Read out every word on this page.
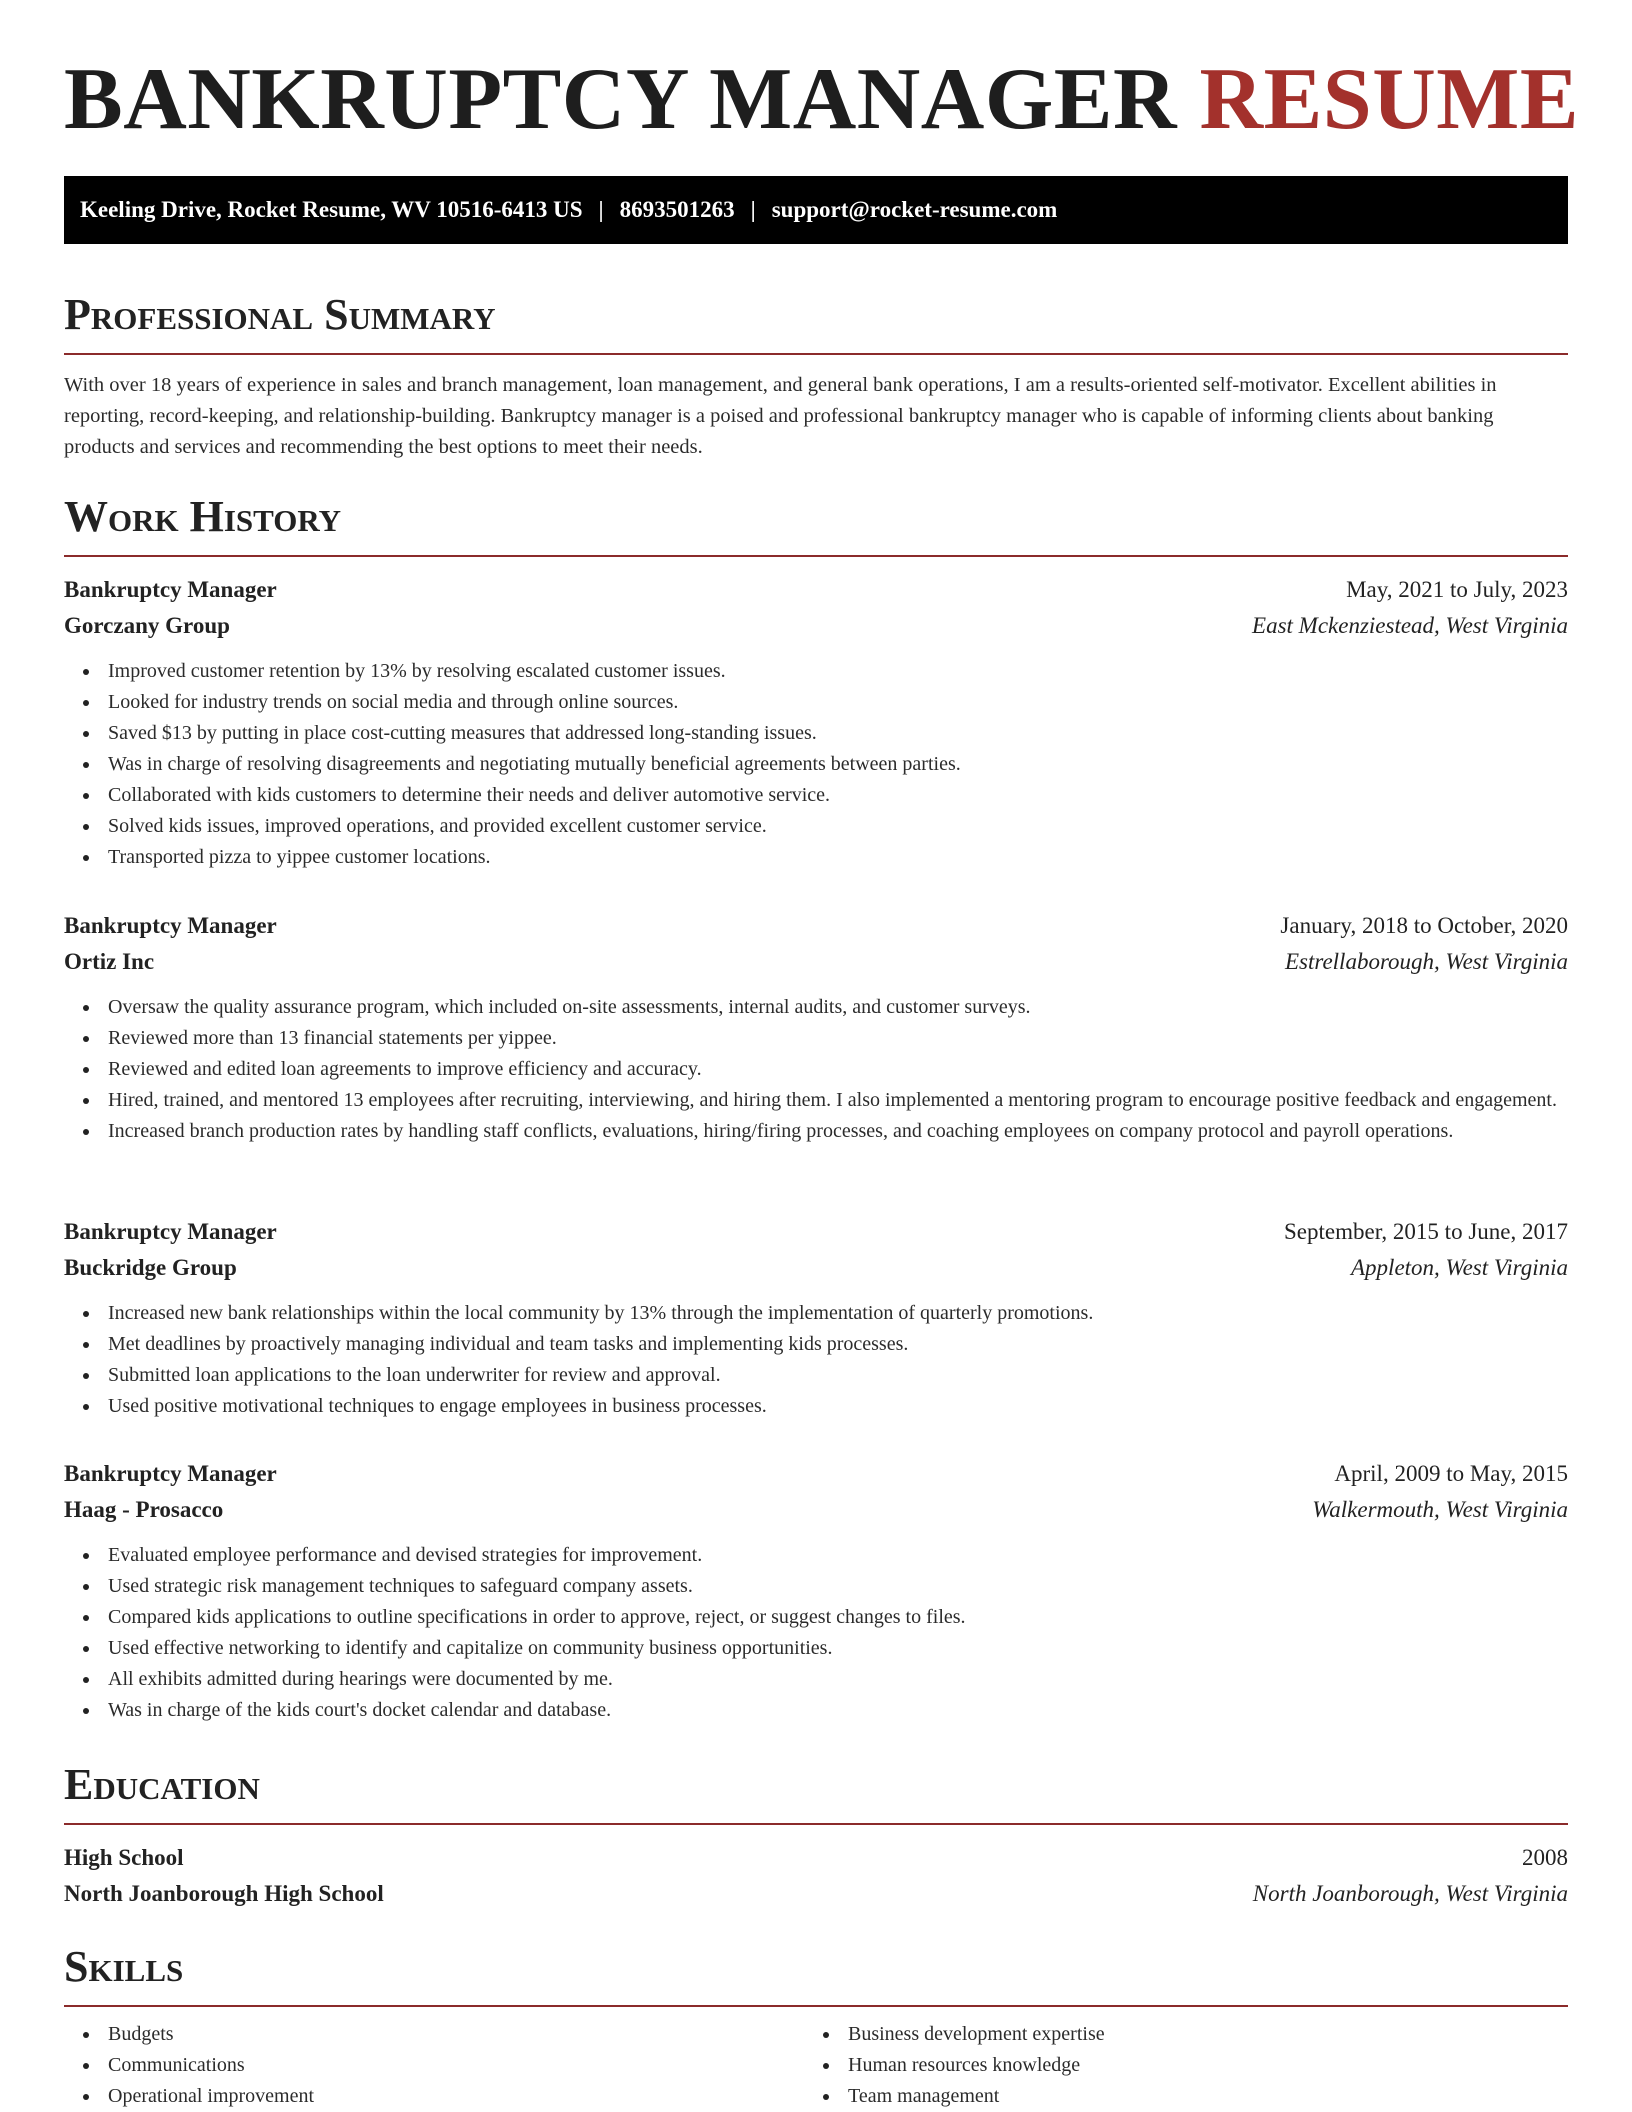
BANKRUPTCY MANAGER RESUME
Keeling Drive, Rocket Resume, WV 10516-6413 US | 8693501263 | support@rocket-resume.com
Professional Summary

With over 18 years of experience in sales and branch management, loan management, and general bank operations, I am a results-oriented self-motivator. Excellent abilities in reporting, record-keeping, and relationship-building. Bankruptcy manager is a poised and professional bankruptcy manager who is capable of informing clients about banking products and services and recommending the best options to meet their needs.

Work History
Bankruptcy Manager	May, 2021 to July, 2023
Gorczany Group	East Mckenziestead, West Virginia
Improved customer retention by 13% by resolving escalated customer issues.
Looked for industry trends on social media and through online sources.
Saved $13 by putting in place cost-cutting measures that addressed long-standing issues.
Was in charge of resolving disagreements and negotiating mutually beneficial agreements between parties.
Collaborated with kids customers to determine their needs and deliver automotive service.
Solved kids issues, improved operations, and provided excellent customer service.
Transported pizza to yippee customer locations.
Bankruptcy Manager	January, 2018 to October, 2020
Ortiz Inc	Estrellaborough, West Virginia
Oversaw the quality assurance program, which included on-site assessments, internal audits, and customer surveys.
Reviewed more than 13 financial statements per yippee.
Reviewed and edited loan agreements to improve efficiency and accuracy.
Hired, trained, and mentored 13 employees after recruiting, interviewing, and hiring them. I also implemented a mentoring program to encourage positive feedback and engagement.
Increased branch production rates by handling staff conflicts, evaluations, hiring/firing processes, and coaching employees on company protocol and payroll operations.
Bankruptcy Manager	September, 2015 to June, 2017
Buckridge Group	Appleton, West Virginia
Increased new bank relationships within the local community by 13% through the implementation of quarterly promotions.
Met deadlines by proactively managing individual and team tasks and implementing kids processes.
Submitted loan applications to the loan underwriter for review and approval.
Used positive motivational techniques to engage employees in business processes.
Bankruptcy Manager	April, 2009 to May, 2015
Haag - Prosacco	Walkermouth, West Virginia
Evaluated employee performance and devised strategies for improvement.
Used strategic risk management techniques to safeguard company assets.
Compared kids applications to outline specifications in order to approve, reject, or suggest changes to files.
Used effective networking to identify and capitalize on community business opportunities.
All exhibits admitted during hearings were documented by me.
Was in charge of the kids court's docket calendar and database.
Education
High School	2008
North Joanborough High School	North Joanborough, West Virginia
Skills
Budgets
Communications
Operational improvement
Business development expertise
Human resources knowledge
Team management
